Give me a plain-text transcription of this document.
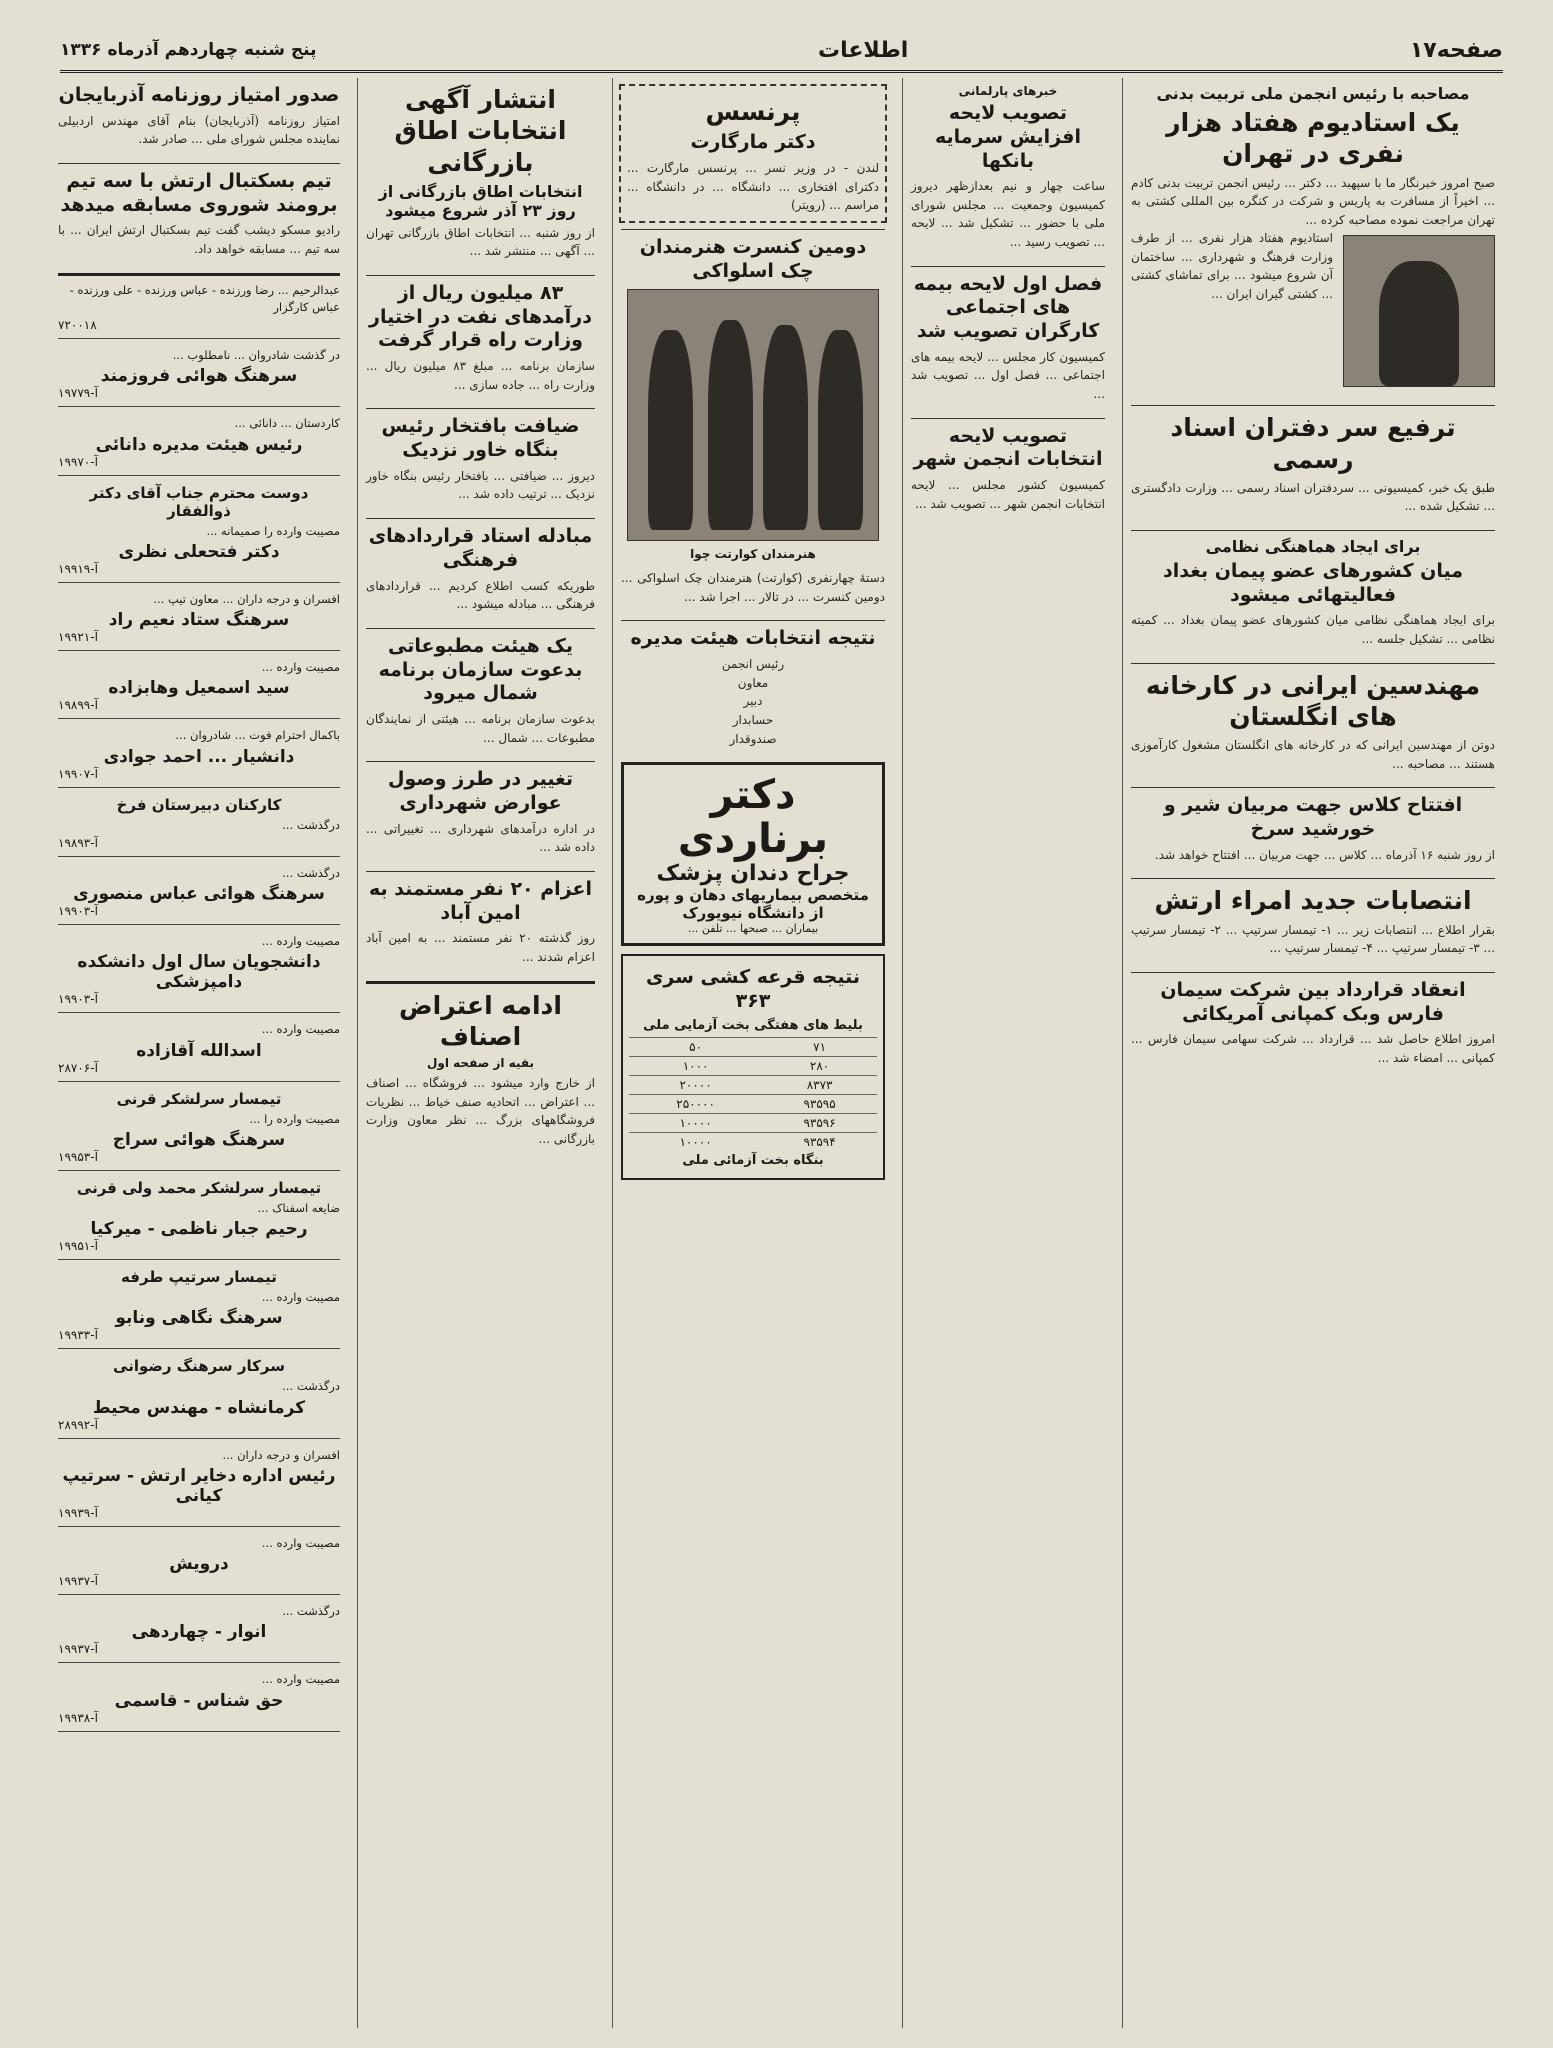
صفحه۱۷
اطلاعات
پنج شنبه چهاردهم آذرماه ۱۳۳۶
مصاحبه با رئیس انجمن ملی تربیت بدنی
یک استادیوم هفتاد هزار نفری در تهران
صبح امروز خبرنگار ما با سپهبد ... دکتر ... رئیس انجمن تربیت بدنی کادم ... اخیراً از مسافرت به پاریس و شرکت در کنگره بین المللی کشتی به تهران مراجعت نموده مصاحبه کرده ...
استادیوم هفتاد هزار نفری ... از طرف وزارت فرهنگ و شهرداری ... ساختمان آن شروع میشود ... برای تماشای کشتی ... کشتی گیران ایران ...
ترفیع سر دفتران اسناد رسمی
طبق یک خبر، کمیسیونی ... سردفتران اسناد رسمی ... وزارت دادگستری ... تشکیل شده ...
برای ایجاد هماهنگی نظامی
میان کشورهای عضو پیمان بغداد فعالیتهائی میشود
برای ایجاد هماهنگی نظامی میان کشورهای عضو پیمان بغداد ... کمیته نظامی ... تشکیل جلسه ...
مهندسین ایرانی در کارخانه های انگلستان
دوتن از مهندسین ایرانی که در کارخانه های انگلستان مشغول کارآموزی هستند ... مصاحبه ...
افتتاح کلاس جهت مربیان شیر و خورشید سرخ
از روز شنبه ۱۶ آذرماه ... کلاس ... جهت مربیان ... افتتاح خواهد شد.
انتصابات جدید امراء ارتش
بقرار اطلاع ... انتصابات زیر ... ۱- تیمسار سرتیپ ... ۲- تیمسار سرتیپ ... ۳- تیمسار سرتیپ ... ۴- تیمسار سرتیپ ...
انعقاد قرارداد بین شرکت سیمان فارس وبک کمپانی آمریکائی
امروز اطلاع حاصل شد ... قرارداد ... شرکت سهامی سیمان فارس ... کمپانی ... امضاء شد ...
خبرهای پارلمانی
تصویب لایحه افزایش سرمایه بانکها
ساعت چهار و نیم بعدازظهر دیروز کمیسیون وجمعیت ... مجلس شورای ملی با حضور ... تشکیل شد ... لایحه ... تصویب رسید ...
فصل اول لایحه بیمه های اجتماعی کارگران تصویب شد
کمیسیون کار مجلس ... لایحه بیمه های اجتماعی ... فصل اول ... تصویب شد ...
تصویب لایحه انتخابات انجمن شهر
کمیسیون کشور مجلس ... لایحه انتخابات انجمن شهر ... تصویب شد ...
پرنسس
دکتر مارگارت
لندن - در وزیر نسر ... پرنسس مارگارت ... دکترای افتخاری ... دانشگاه ... در دانشگاه ... مراسم ... (رویتر)
دومین کنسرت هنرمندان چک اسلواکی
هنرمندان کوارتت چوا
دستهٔ چهارنفری (کوارتت) هنرمندان چک اسلواکی ... دومین کنسرت ... در تالار ... اجرا شد ...
نتیجه انتخابات هیئت مدیره
رئیس انجمن
معاون
دبیر
حسابدار
صندوقدار
دکتر برناردی
جراح دندان پزشک
متخصص بیماریهای دهان و پوره
از دانشگاه نیویورک
بیماران ... صبحها ... تلفن ...
نتیجه قرعه کشی سری ۳۶۳
بلیط های هفتگی بخت آزمایی ملی
۵۰	۷۱
۱۰۰۰	۲۸۰
۲۰۰۰۰	۸۳۷۳
۲۵۰۰۰۰	۹۳۵۹۵
۱۰۰۰۰	۹۳۵۹۶
۱۰۰۰۰	۹۳۵۹۴
بنگاه بخت آزمائی ملی
انتشار آگهی انتخابات اطاق بازرگانی
انتخابات اطاق بازرگانی از روز ۲۳ آذر شروع میشود
از روز شنبه ... انتخابات اطاق بازرگانی تهران ... آگهی ... منتشر شد ...
۸۳ میلیون ریال از درآمدهای نفت در اختیار وزارت راه قرار گرفت
سازمان برنامه ... مبلغ ۸۳ میلیون ریال ... وزارت راه ... جاده سازی ...
ضیافت بافتخار رئیس بنگاه خاور نزدیک
دیروز ... ضیافتی ... بافتخار رئیس بنگاه خاور نزدیک ... ترتیب داده شد ...
مبادله استاد قراردادهای فرهنگی
طوریکه کسب اطلاع کردیم ... قراردادهای فرهنگی ... مبادله میشود ...
یک هیئت مطبوعاتی بدعوت سازمان برنامه شمال میرود
بدعوت سازمان برنامه ... هیئتی از نمایندگان مطبوعات ... شمال ...
تغییر در طرز وصول عوارض شهرداری
در اداره درآمدهای شهرداری ... تغییراتی ... داده شد ...
اعزام ۲۰ نفر مستمند به امین آباد
روز گذشته ۲۰ نفر مستمند ... به امین آباد اعزام شدند ...
ادامه اعتراض اصناف
بقیه از صفحه اول
از خارج وارد میشود ... فروشگاه ... اصناف ... اعتراض ... اتحادیه صنف خیاط ... نظریات فروشگاههای بزرگ ... نظر معاون وزارت بازرگانی ...
صدور امتیاز روزنامه آذربایجان
امتیاز روزنامه (آذربایجان) بنام آقای مهندس اردبیلی نماینده مجلس شورای ملی ... صادر شد.
تیم بسکتبال ارتش با سه تیم برومند شوروی مسابقه میدهد
رادیو مسکو دیشب گفت تیم بسکتبال ارتش ایران ... با سه تیم ... مسابقه خواهد داد.
عبدالرحیم ... رضا ورزنده - عباس ورزنده - علی ورزنده - عباس کارگزار
۷۲۰۰۱۸
در گذشت شادروان ... نامطلوب ...
سرهنگ هوائی فروزمند
آ-۱۹۷۷۹
کاردستان ... دانائی ...
رئیس هیئت مدیره دانائی
آ-۱۹۹۷۰
دوست محترم جناب آقای دکتر ذوالفقار
مصیبت وارده را صمیمانه ...
دکتر فتحعلی نظری
آ-۱۹۹۱۹
افسران و درجه داران ... معاون تیپ ...
سرهنگ ستاد نعیم راد
آ-۱۹۹۲۱
مصیبت وارده ...
سید اسمعیل وهابزاده
آ-۱۹۸۹۹
باکمال احترام فوت ... شادروان ...
دانشیار ... احمد جوادی
آ-۱۹۹۰۷
کارکنان دبیرستان فرخ
درگذشت ...
آ-۱۹۸۹۳
درگذشت ...
سرهنگ هوائی عباس منصوری
آ-۱۹۹۰۳
مصیبت وارده ...
دانشجویان سال اول دانشکده دامپزشکی
آ-۱۹۹۰۳
مصیبت وارده ...
اسدالله آقازاده
آ-۲۸۷۰۶
تیمسار سرلشکر قرنی
مصیبت وارده را ...
سرهنگ هوائی سراج
آ-۱۹۹۵۳
تیمسار سرلشکر محمد ولی قرنی
ضایعه اسفناک ...
رحیم جبار ناظمی - میرکیا
آ-۱۹۹۵۱
تیمسار سرتیپ طرفه
مصیبت وارده ...
سرهنگ نگاهی ونابو
آ-۱۹۹۳۳
سرکار سرهنگ رضوانی
درگذشت ...
کرمانشاه - مهندس محیط
آ-۲۸۹۹۲
افسران و درجه داران ...
رئیس اداره دخایر ارتش - سرتیپ کیانی
آ-۱۹۹۳۹
مصیبت وارده ...
درویش
آ-۱۹۹۳۷
درگذشت ...
انوار - چهاردهی
آ-۱۹۹۳۷
مصیبت وارده ...
حق شناس - قاسمی
آ-۱۹۹۳۸
